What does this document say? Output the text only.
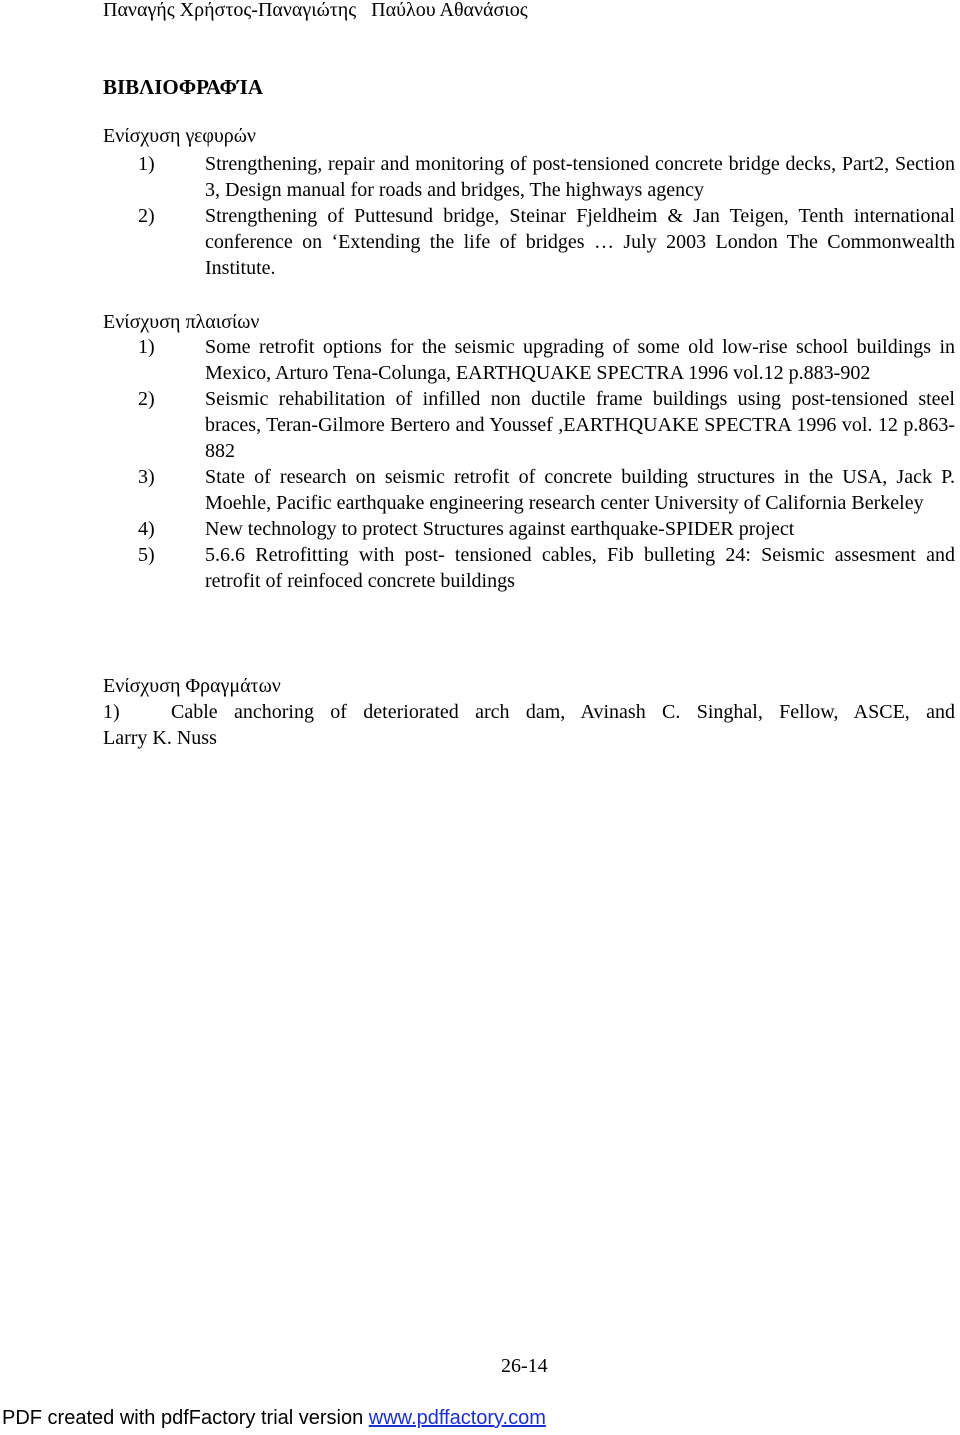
Παναγής Χρήστος-Παναγιώτης   Παύλου Αθανάσιος
ΒΙΒΛΙΟΦΡΑΦΊΑ
Ενίσχυση γεφυρών
1)	Strengthening, repair and monitoring of post-tensioned concrete bridge decks, Part2, Section 3, Design manual for roads and bridges, The highways agency
2)	Strengthening of Puttesund bridge, Steinar Fjeldheim & Jan Teigen, Tenth international conference on ‘Extending the life of bridges … July 2003 London The Commonwealth Institute.
Ενίσχυση πλαισίων
1)	Some retrofit options for the seismic upgrading of some old low-rise school buildings in Mexico, Arturo Tena-Colunga, EARTHQUAKE SPECTRA 1996 vol.12 p.883-902
2)	Seismic rehabilitation of infilled non ductile frame buildings using post-tensioned steel braces, Teran-Gilmore Bertero and Youssef ,EARTHQUAKE SPECTRA 1996 vol. 12 p.863-882
3)	State of research on seismic retrofit of concrete building structures in the USA, Jack P. Moehle, Pacific earthquake engineering research center University of California Berkeley
4)	New technology to protect Structures against earthquake-SPIDER project
5)	5.6.6 Retrofitting with post- tensioned cables, Fib bulleting 24: Seismic assesment and retrofit of reinfoced concrete buildings
Ενίσχυση Φραγμάτων
1)	Cable anchoring of deteriorated arch dam, Avinash C. Singhal, Fellow, ASCE, and
Larry K. Nuss
26-14
PDF created with pdfFactory trial version www.pdffactory.com
